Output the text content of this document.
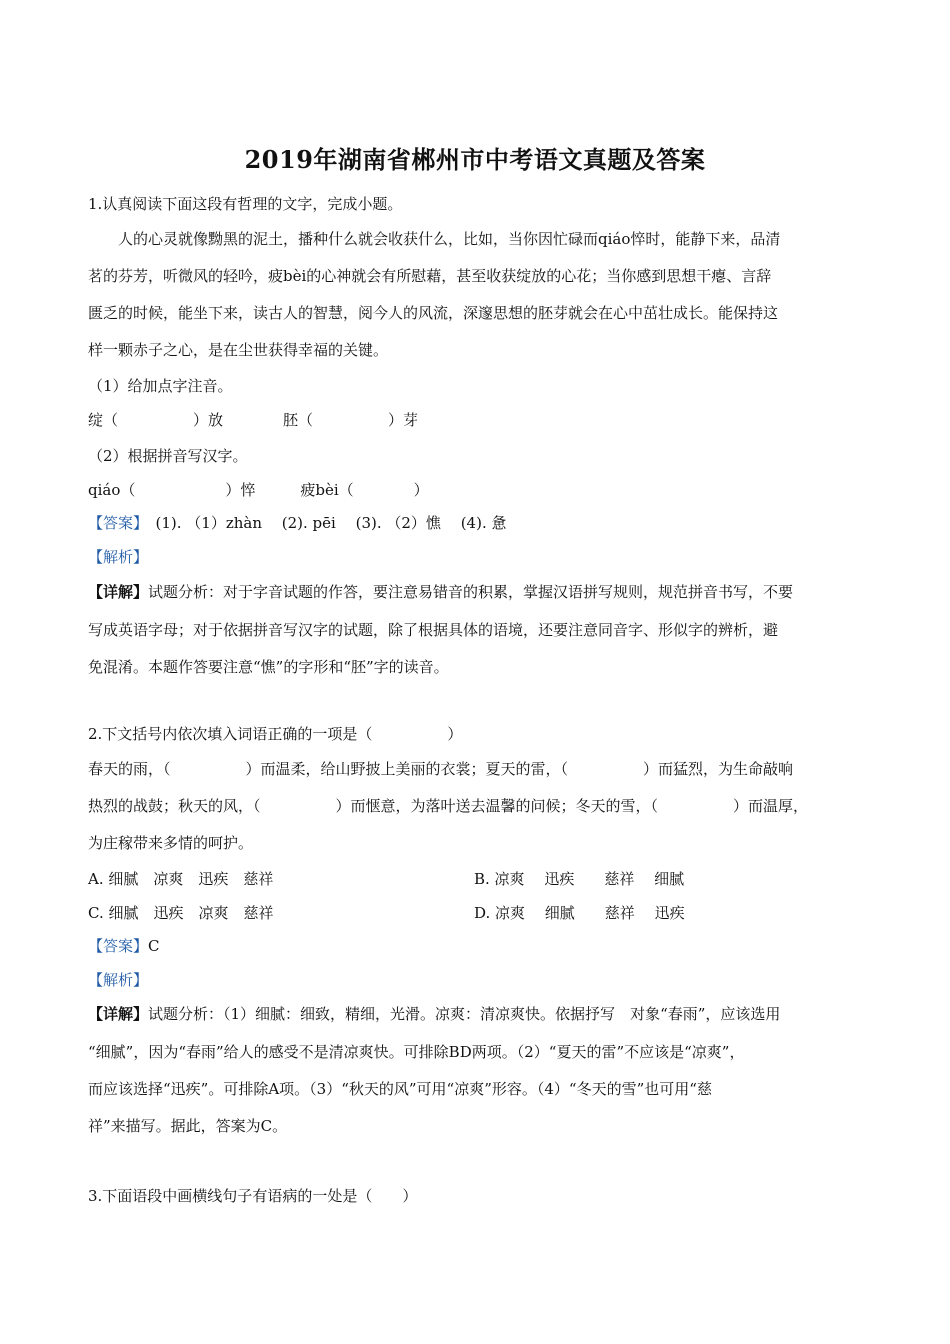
2019年湖南省郴州市中考语文真题及答案
1.认真阅读下面这段有哲理的文字，完成小题。
人的心灵就像黝黑的泥土，播种什么就会收获什么，比如，当你因忙碌而qiáo悴时，能静下来，品清
茗的芬芳，听微风的轻吟，疲bèi的心神就会有所慰藉，甚至收获绽放的心花；当你感到思想干瘪、言辞
匮乏的时候，能坐下来，读古人的智慧，阅今人的风流，深邃思想的胚芽就会在心中茁壮成长。能保持这
样一颗赤子之心，是在尘世获得幸福的关键。
（1）给加点字注音。
绽（　　　　　）放　　　　胚（　　　　　）芽
（2）根据拼音写汉字。
qiáo（　　　　　　）悴　　　疲bèi（　　　　）
【答案】　(1). （1）zhàn　 (2). pēi　 (3). （2）憔　 (4). 惫
【解析】
【详解】试题分析：对于字音试题的作答，要注意易错音的积累，掌握汉语拼写规则，规范拼音书写，不要
写成英语字母；对于依据拼音写汉字的试题，除了根据具体的语境，还要注意同音字、形似字的辨析，避
免混淆。本题作答要注意“憔”的字形和“胚”字的读音。
2.下文括号内依次填入词语正确的一项是（　　　　　）
春天的雨，（　　　　　）而温柔，给山野披上美丽的衣裳；夏天的雷，（　　　　　）而猛烈，为生命敲响
热烈的战鼓；秋天的风，（　　　　　）而惬意，为落叶送去温馨的问候；冬天的雪，（　　　　　）而温厚，
为庄稼带来多情的呵护。
A. 细腻　凉爽　迅疾　慈祥	B. 凉爽　 迅疾　　慈祥　 细腻
C. 细腻　迅疾　凉爽　慈祥	D. 凉爽　 细腻　　慈祥　 迅疾
【答案】C
【解析】
【详解】试题分析：（1）细腻：细致，精细，光滑。凉爽：清凉爽快。依据抒写　对象“春雨”，应该选用
“细腻”，因为“春雨”给人的感受不是清凉爽快。可排除BD两项。（2）“夏天的雷”不应该是“凉爽”，
而应该选择“迅疾”。可排除A项。（3）“秋天的风”可用“凉爽”形容。（4）“冬天的雪”也可用“慈
祥”来描写。据此，答案为C。
3.下面语段中画横线句子有语病的一处是（　　）
